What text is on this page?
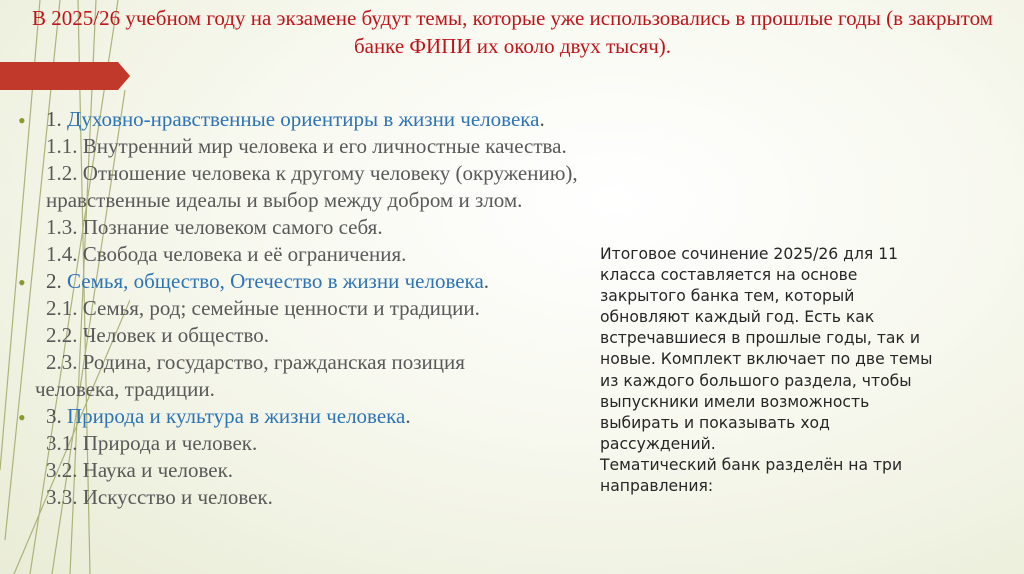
В 2025/26 учебном году на экзамене будут темы, которые уже использовались в прошлые годы (в закрытом банке ФИПИ их около двух тысяч).
• 1. Духовно-нравственные ориентиры в жизни человека.
1.1. Внутренний мир человека и его личностные качества.
1.2. Отношение человека к другому человеку (окружению), нравственные идеалы и выбор между добром и злом.
1.3. Познание человеком самого себя.
1.4. Свобода человека и её ограничения.
• 2. Семья, общество, Отечество в жизни человека.
2.1. Семья, род; семейные ценности и традиции.
2.2. Человек и общество.
2.3. Родина, государство, гражданская позиция
человека, традиции.
• 3. Природа и культура в жизни человека.
3.1. Природа и человек.
3.2. Наука и человек.
3.3. Искусство и человек.
Итоговое сочинение 2025/26 для 11
класса составляется на основе
закрытого банка тем, который
обновляют каждый год. Есть как
встречавшиеся в прошлые годы, так и
новые. Комплект включает по две темы
из каждого большого раздела, чтобы
выпускники имели возможность
выбирать и показывать ход
рассуждений.
Тематический банк разделён на три
направления:
